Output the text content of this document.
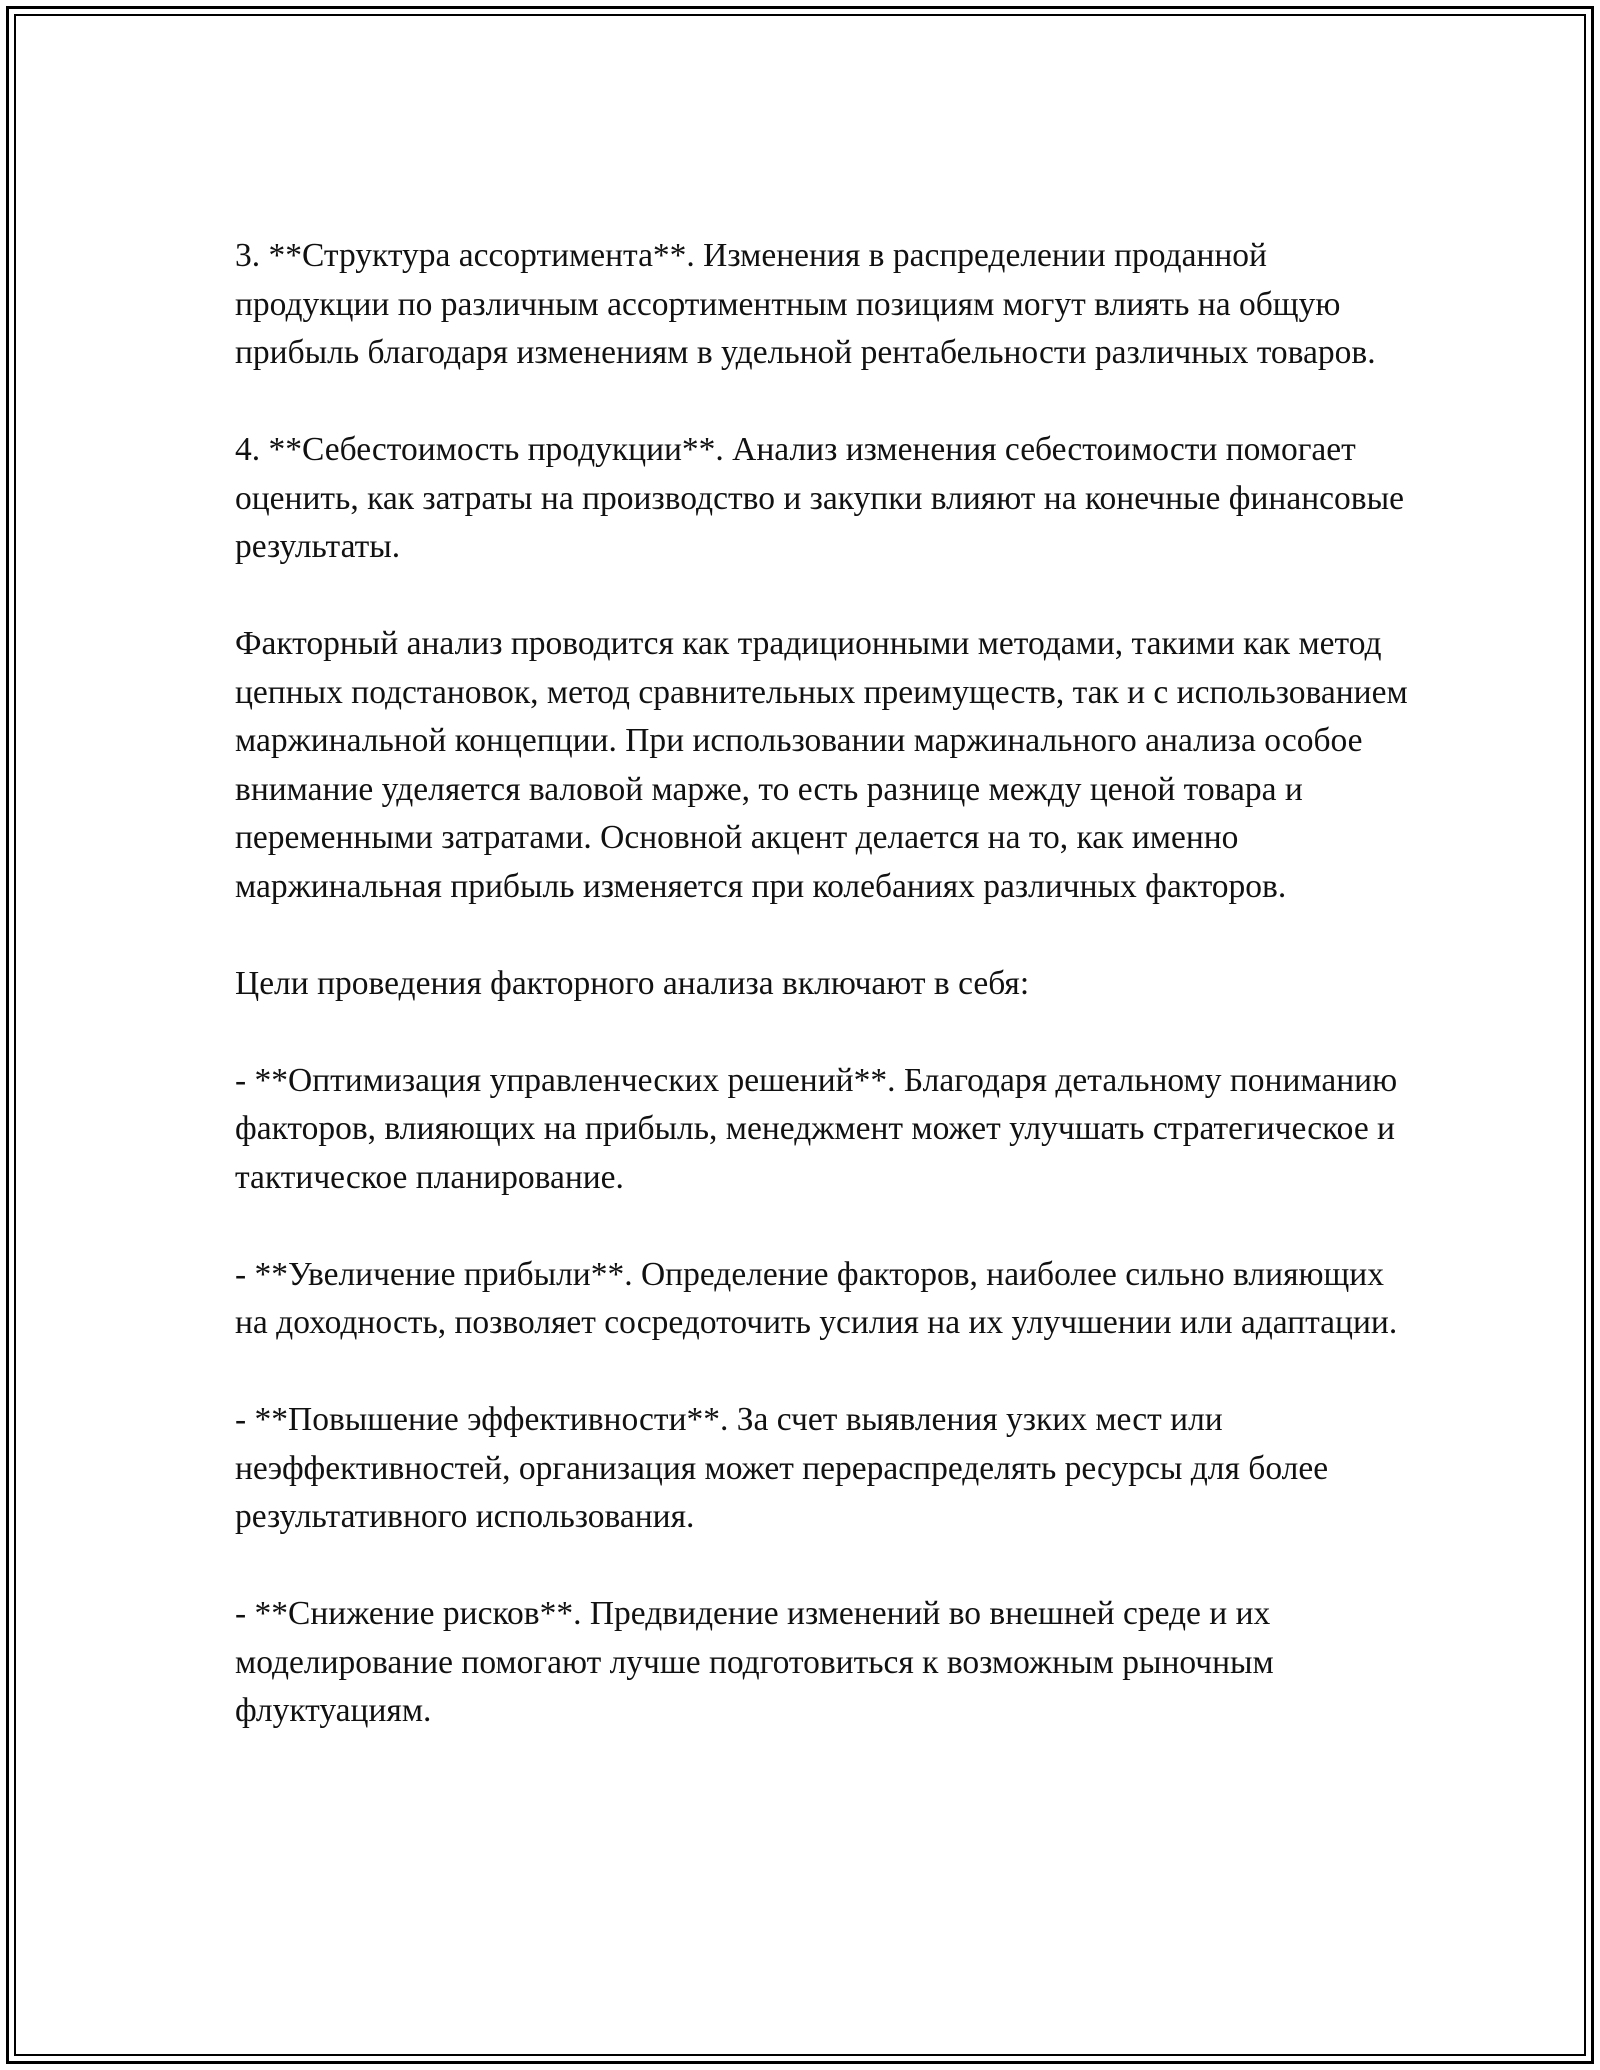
3. **Структура ассортимента**. Изменения в распределении проданной продукции по различным ассортиментным позициям могут влиять на общую прибыль благодаря изменениям в удельной рентабельности различных товаров.

4. **Себестоимость продукции**. Анализ изменения себестоимости помогает оценить, как затраты на производство и закупки влияют на конечные финансовые результаты.

Факторный анализ проводится как традиционными методами, такими как метод цепных подстановок, метод сравнительных преимуществ, так и с использованием маржинальной концепции. При использовании маржинального анализа особое внимание уделяется валовой марже, то есть разнице между ценой товара и переменными затратами. Основной акцент делается на то, как именно маржинальная прибыль изменяется при колебаниях различных факторов.

Цели проведения факторного анализа включают в себя:

- **Оптимизация управленческих решений**. Благодаря детальному пониманию факторов, влияющих на прибыль, менеджмент может улучшать стратегическое и тактическое планирование.

- **Увеличение прибыли**. Определение факторов, наиболее сильно влияющих на доходность, позволяет сосредоточить усилия на их улучшении или адаптации.

- **Повышение эффективности**. За счет выявления узких мест или неэффективностей, организация может перераспределять ресурсы для более результативного использования.

- **Снижение рисков**. Предвидение изменений во внешней среде и их моделирование помогают лучше подготовиться к возможным рыночным флуктуациям.
